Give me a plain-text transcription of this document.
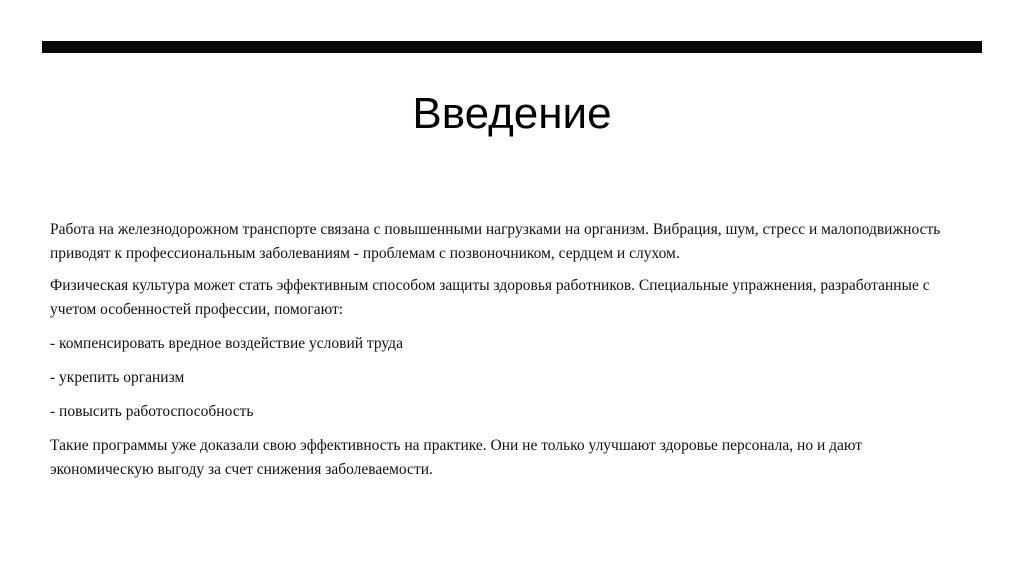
Введение

Работа на железнодорожном транспорте связана с повышенными нагрузками на организм. Вибрация, шум, стресс и малоподвижность приводят к профессиональным заболеваниям - проблемам с позвоночником, сердцем и слухом.

Физическая культура может стать эффективным способом защиты здоровья работников. Специальные упражнения, разработанные с учетом особенностей профессии, помогают:

- компенсировать вредное воздействие условий труда

- укрепить организм

- повысить работоспособность

Такие программы уже доказали свою эффективность на практике. Они не только улучшают здоровье персонала, но и дают экономическую выгоду за счет снижения заболеваемости.
